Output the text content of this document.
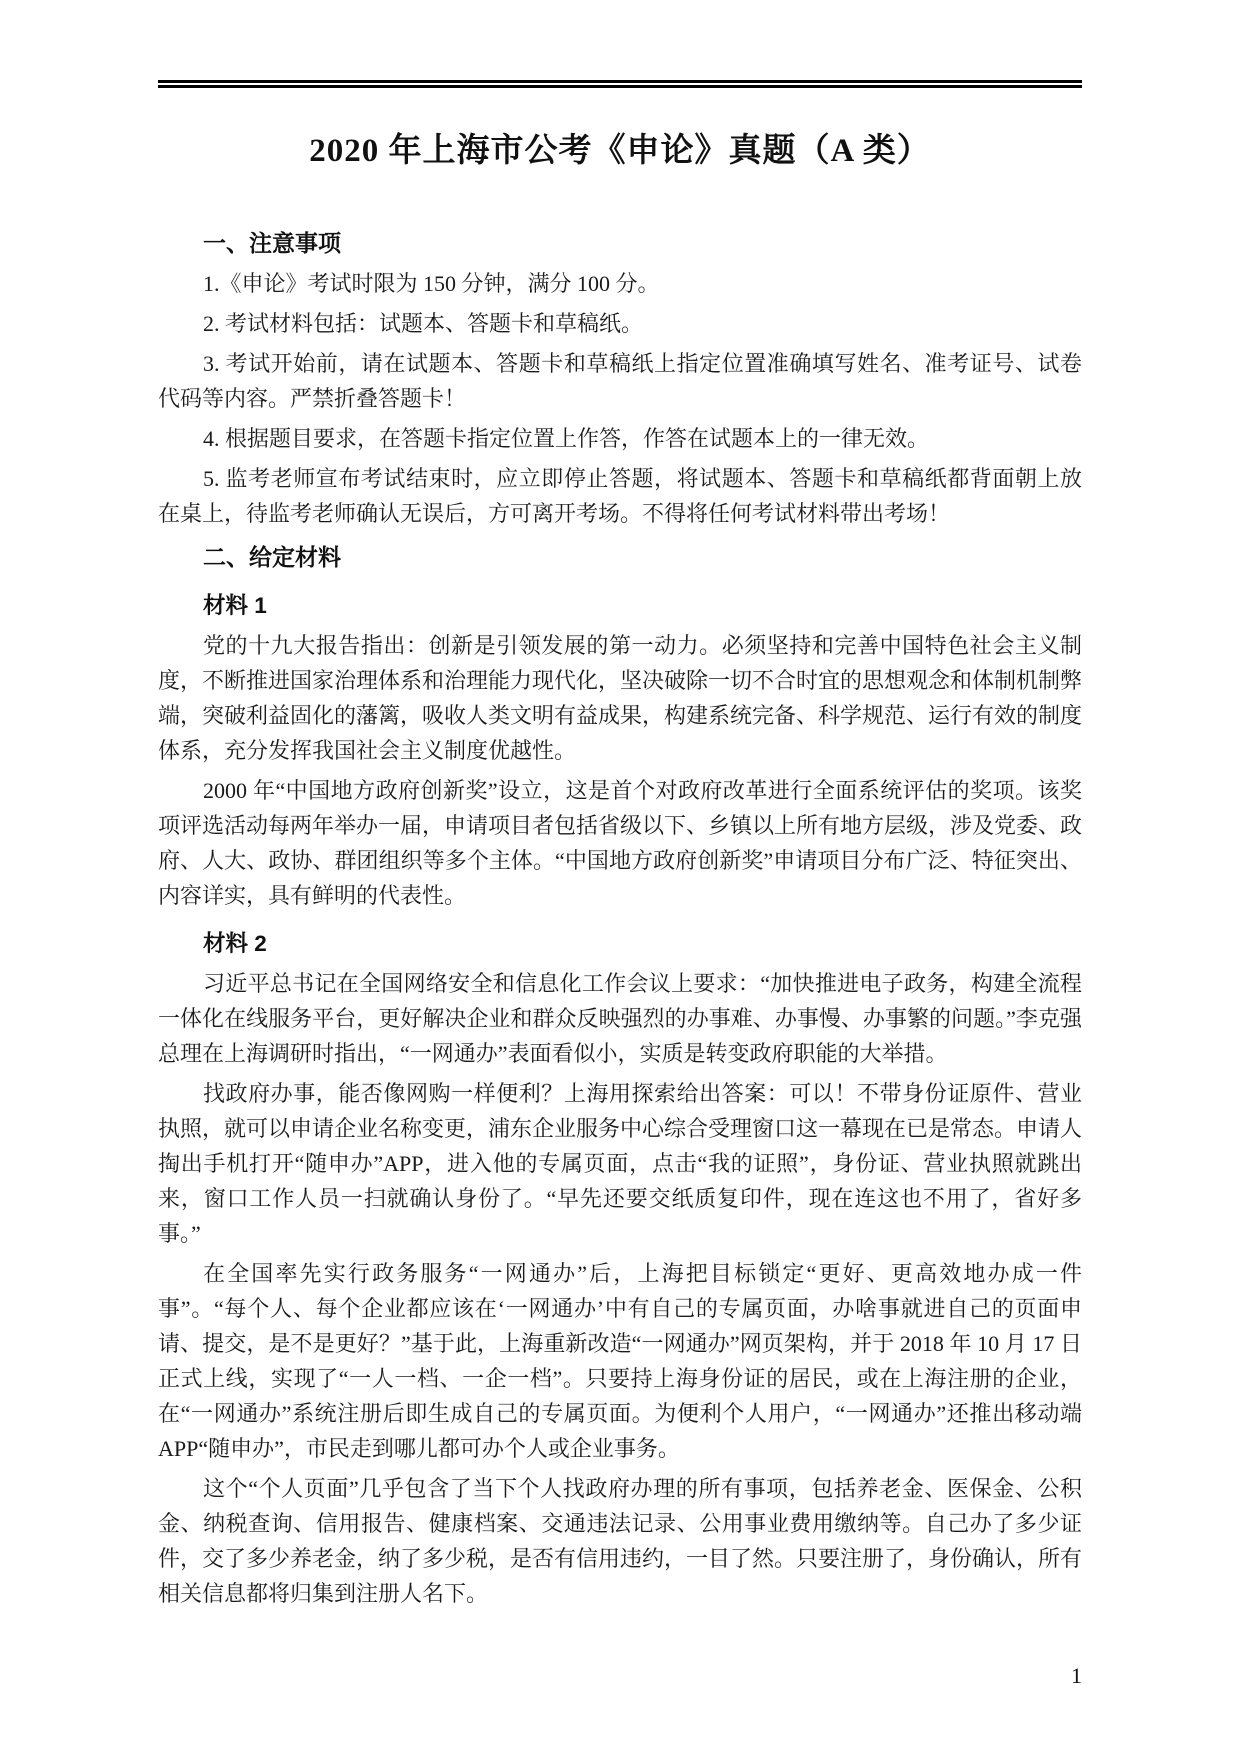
2020 年上海市公考《申论》真题（A 类）
一、注意事项

1.《申论》考试时限为 150 分钟，满分 100 分。

2. 考试材料包括：试题本、答题卡和草稿纸。

3. 考试开始前，请在试题本、答题卡和草稿纸上指定位置准确填写姓名、准考证号、试卷代码等内容。严禁折叠答题卡！

4. 根据题目要求，在答题卡指定位置上作答，作答在试题本上的一律无效。

5. 监考老师宣布考试结束时，应立即停止答题，将试题本、答题卡和草稿纸都背面朝上放在桌上，待监考老师确认无误后，方可离开考场。不得将任何考试材料带出考场！

二、给定材料
材料 1

党的十九大报告指出：创新是引领发展的第一动力。必须坚持和完善中国特色社会主义制度，不断推进国家治理体系和治理能力现代化，坚决破除一切不合时宜的思想观念和体制机制弊端，突破利益固化的藩篱，吸收人类文明有益成果，构建系统完备、科学规范、运行有效的制度体系，充分发挥我国社会主义制度优越性。

2000 年“中国地方政府创新奖”设立，这是首个对政府改革进行全面系统评估的奖项。该奖项评选活动每两年举办一届，申请项目者包括省级以下、乡镇以上所有地方层级，涉及党委、政府、人大、政协、群团组织等多个主体。“中国地方政府创新奖”申请项目分布广泛、特征突出、内容详实，具有鲜明的代表性。

材料 2

习近平总书记在全国网络安全和信息化工作会议上要求：“加快推进电子政务，构建全流程一体化在线服务平台，更好解决企业和群众反映强烈的办事难、办事慢、办事繁的问题。”李克强总理在上海调研时指出，“一网通办”表面看似小，实质是转变政府职能的大举措。

找政府办事，能否像网购一样便利？上海用探索给出答案：可以！不带身份证原件、营业执照，就可以申请企业名称变更，浦东企业服务中心综合受理窗口这一幕现在已是常态。申请人掏出手机打开“随申办”APP，进入他的专属页面，点击“我的证照”，身份证、营业执照就跳出来，窗口工作人员一扫就确认身份了。“早先还要交纸质复印件，现在连这也不用了，省好多事。”

在全国率先实行政务服务“一网通办”后，上海把目标锁定“更好、更高效地办成一件事”。“每个人、每个企业都应该在‘一网通办’中有自己的专属页面，办啥事就进自己的页面申请、提交，是不是更好？”基于此，上海重新改造“一网通办”网页架构，并于 2018 年 10 月 17 日正式上线，实现了“一人一档、一企一档”。只要持上海身份证的居民，或在上海注册的企业，在“一网通办”系统注册后即生成自己的专属页面。为便利个人用户，“一网通办”还推出移动端 APP“随申办”，市民走到哪儿都可办个人或企业事务。

这个“个人页面”几乎包含了当下个人找政府办理的所有事项，包括养老金、医保金、公积金、纳税查询、信用报告、健康档案、交通违法记录、公用事业费用缴纳等。自己办了多少证件，交了多少养老金，纳了多少税，是否有信用违约，一目了然。只要注册了，身份确认，所有相关信息都将归集到注册人名下。

1
